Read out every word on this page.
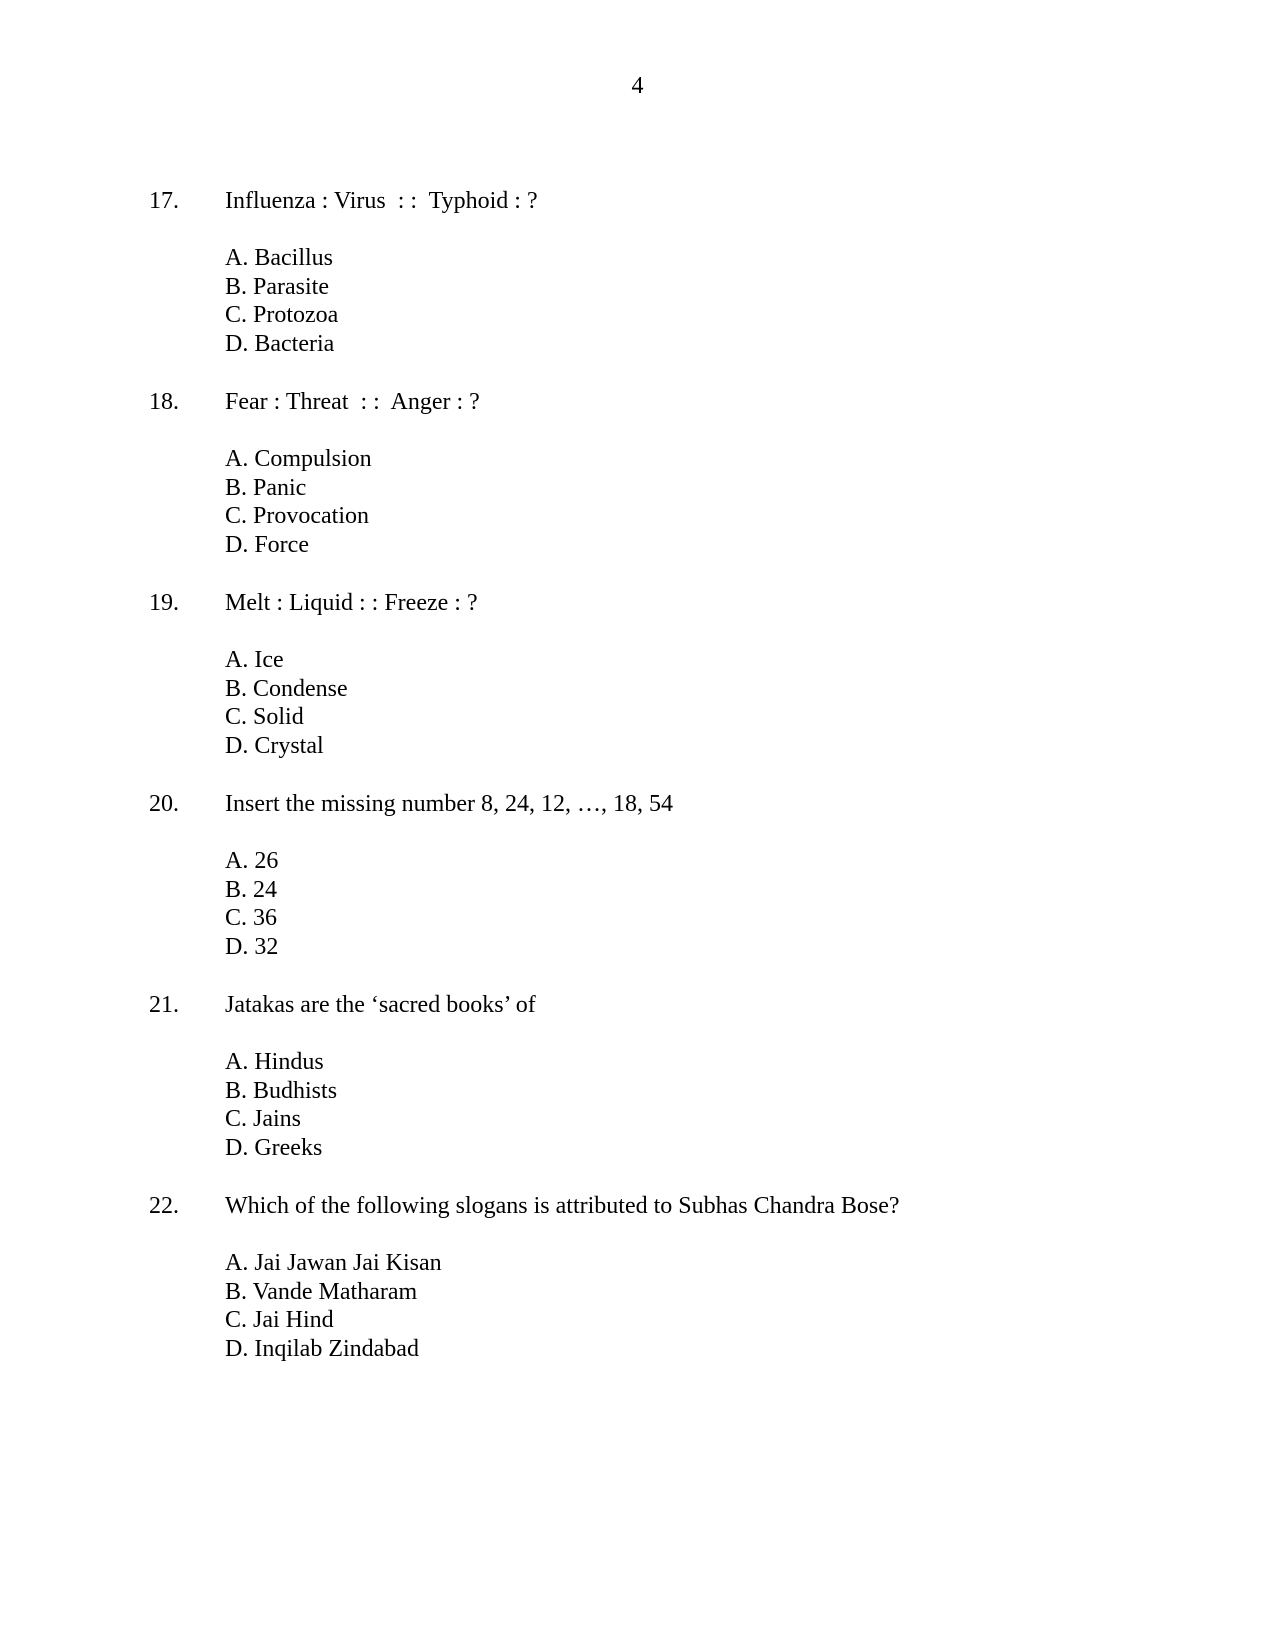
4
17. Influenza : Virus  : :  Typhoid : ?
A. Bacillus
B. Parasite
C. Protozoa
D. Bacteria
18. Fear : Threat  : :  Anger : ?
A. Compulsion
B. Panic
C. Provocation
D. Force
19. Melt : Liquid : : Freeze : ?
A. Ice
B. Condense
C. Solid
D. Crystal
20. Insert the missing number 8, 24, 12, …, 18, 54
A. 26
B. 24
C. 36
D. 32
21. Jatakas are the ‘sacred books’ of
A. Hindus
B. Budhists
C. Jains
D. Greeks
22. Which of the following slogans is attributed to Subhas Chandra Bose?
A. Jai Jawan Jai Kisan
B. Vande Matharam
C. Jai Hind
D. Inqilab Zindabad
